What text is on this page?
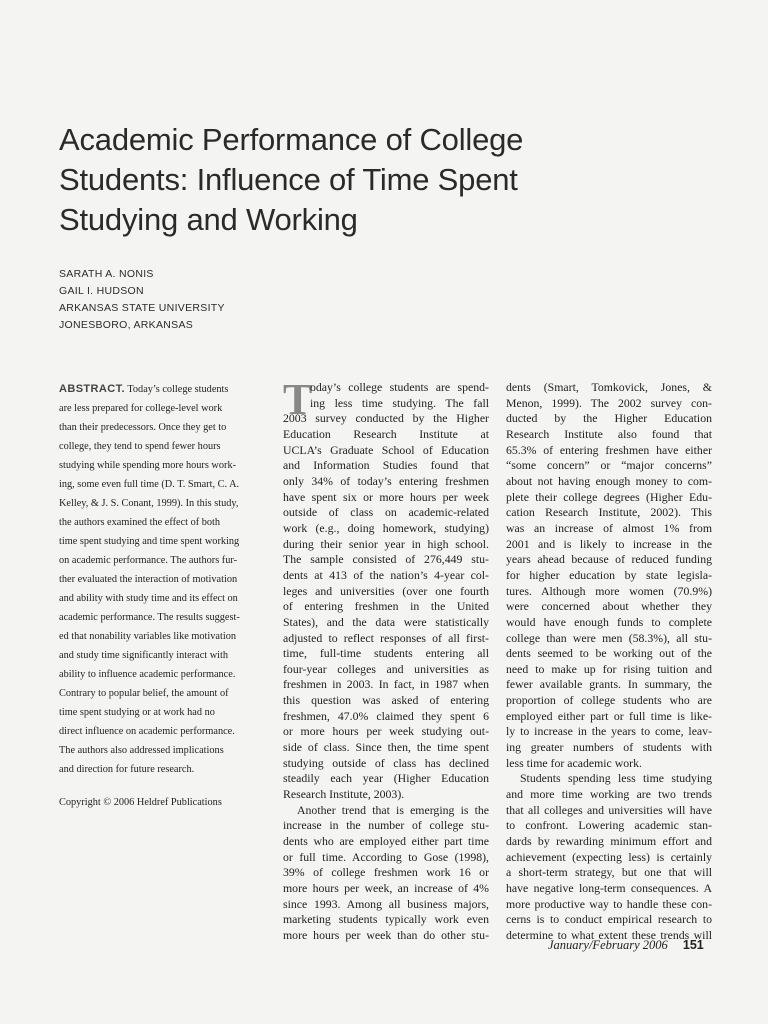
Academic Performance of College
Students: Influence of Time Spent
Studying and Working
SARATH A. NONIS
GAIL I. HUDSON
ARKANSAS STATE UNIVERSITY
JONESBORO, ARKANSAS
ABSTRACT. Today’s college students
are less prepared for college-level work
than their predecessors. Once they get to
college, they tend to spend fewer hours
studying while spending more hours work-
ing, some even full time (D. T. Smart, C. A.
Kelley, & J. S. Conant, 1999). In this study,
the authors examined the effect of both
time spent studying and time spent working
on academic performance. The authors fur-
ther evaluated the interaction of motivation
and ability with study time and its effect on
academic performance. The results suggest-
ed that nonability variables like motivation
and study time significantly interact with
ability to influence academic performance.
Contrary to popular belief, the amount of
time spent studying or at work had no
direct influence on academic performance.
The authors also addressed implications
and direction for future research.
Copyright © 2006 Heldref Publications
T
oday’s college students are spend-
ing less time studying. The fall
2003 survey conducted by the Higher
Education Research Institute at
UCLA’s Graduate School of Education
and Information Studies found that
only 34% of today’s entering freshmen
have spent six or more hours per week
outside of class on academic-related
work (e.g., doing homework, studying)
during their senior year in high school.
The sample consisted of 276,449 stu-
dents at 413 of the nation’s 4-year col-
leges and universities (over one fourth
of entering freshmen in the United
States), and the data were statistically
adjusted to reflect responses of all first-
time, full-time students entering all
four-year colleges and universities as
freshmen in 2003. In fact, in 1987 when
this question was asked of entering
freshmen, 47.0% claimed they spent 6
or more hours per week studying out-
side of class. Since then, the time spent
studying outside of class has declined
steadily each year (Higher Education
Research Institute, 2003).
Another trend that is emerging is the
increase in the number of college stu-
dents who are employed either part time
or full time. According to Gose (1998),
39% of college freshmen work 16 or
more hours per week, an increase of 4%
since 1993. Among all business majors,
marketing students typically work even
more hours per week than do other stu-
dents (Smart, Tomkovick, Jones, &
Menon, 1999). The 2002 survey con-
ducted by the Higher Education
Research Institute also found that
65.3% of entering freshmen have either
“some concern” or “major concerns”
about not having enough money to com-
plete their college degrees (Higher Edu-
cation Research Institute, 2002). This
was an increase of almost 1% from
2001 and is likely to increase in the
years ahead because of reduced funding
for higher education by state legisla-
tures. Although more women (70.9%)
were concerned about whether they
would have enough funds to complete
college than were men (58.3%), all stu-
dents seemed to be working out of the
need to make up for rising tuition and
fewer available grants. In summary, the
proportion of college students who are
employed either part or full time is like-
ly to increase in the years to come, leav-
ing greater numbers of students with
less time for academic work.
Students spending less time studying
and more time working are two trends
that all colleges and universities will have
to confront. Lowering academic stan-
dards by rewarding minimum effort and
achievement (expecting less) is certainly
a short-term strategy, but one that will
have negative long-term consequences. A
more productive way to handle these con-
cerns is to conduct empirical research to
determine to what extent these trends will
January/February 2006 151
